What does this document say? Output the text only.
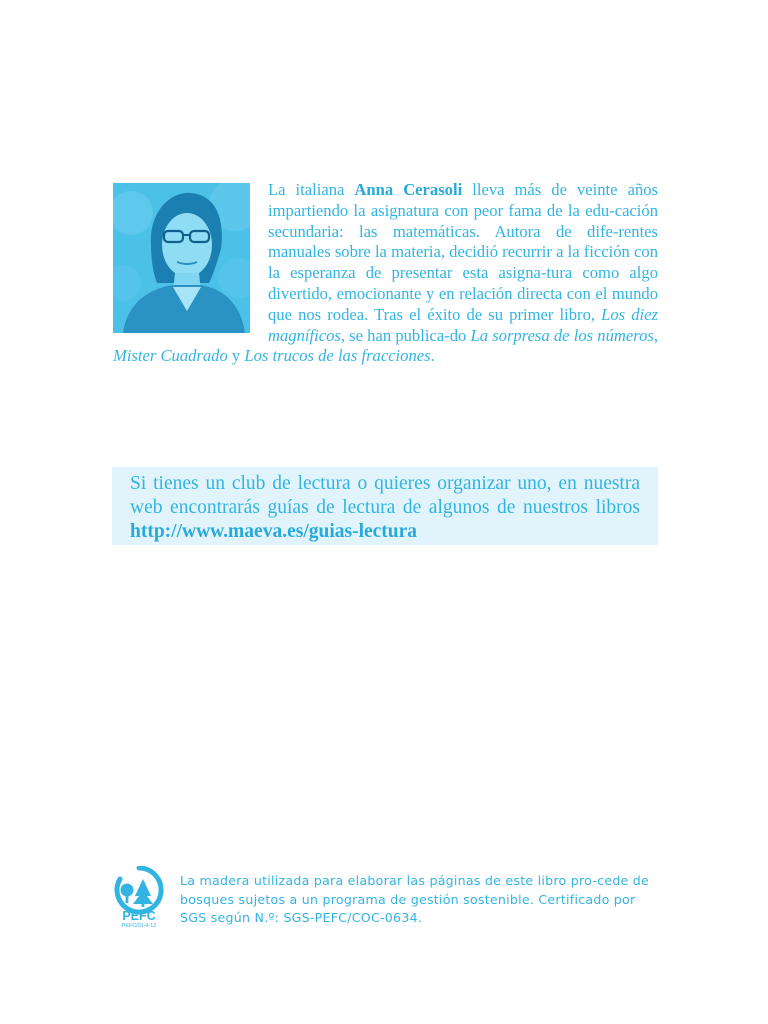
La italiana Anna Cerasoli lleva más de veinte años impartiendo la asignatura con peor fama de la edu-cación secundaria: las matemáticas. Autora de dife-rentes manuales sobre la materia, decidió recurrir a la ficción con la esperanza de presentar esta asigna-tura como algo divertido, emocionante y en relación directa con el mundo que nos rodea. Tras el éxito de su primer libro, Los diez magníficos, se han publica-do La sorpresa de los números, Mister Cuadrado y Los trucos de las fracciones.

Si tienes un club de lectura o quieres organizar uno, en nuestra web encontrarás guías de lectura de algunos de nuestros libros http://www.maeva.es/guias-lectura

PEFC
PEFC/01-4-12

La madera utilizada para elaborar las páginas de este libro pro-cede de bosques sujetos a un programa de gestión sostenible. Certificado por SGS según N.º: SGS-PEFC/COC-0634.
